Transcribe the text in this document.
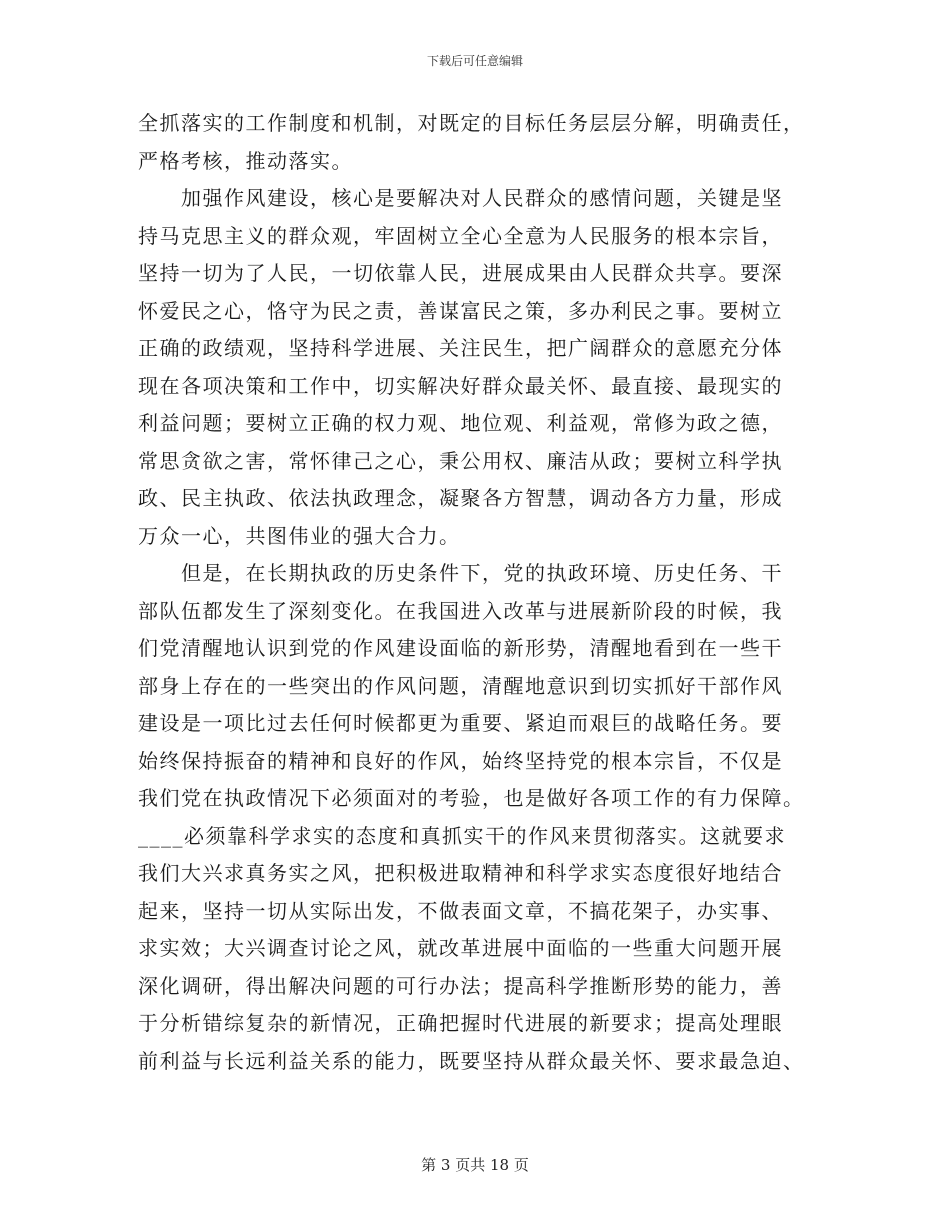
下载后可任意编辑
全抓落实的工作制度和机制，对既定的目标任务层层分解，明确责任，
严格考核，推动落实。
　　加强作风建设，核心是要解决对人民群众的感情问题，关键是坚
持马克思主义的群众观，牢固树立全心全意为人民服务的根本宗旨，
坚持一切为了人民，一切依靠人民，进展成果由人民群众共享。要深
怀爱民之心，恪守为民之责，善谋富民之策，多办利民之事。要树立
正确的政绩观，坚持科学进展、关注民生，把广阔群众的意愿充分体
现在各项决策和工作中，切实解决好群众最关怀、最直接、最现实的
利益问题；要树立正确的权力观、地位观、利益观，常修为政之德，
常思贪欲之害，常怀律己之心，秉公用权、廉洁从政；要树立科学执
政、民主执政、依法执政理念，凝聚各方智慧，调动各方力量，形成
万众一心，共图伟业的强大合力。
　　但是，在长期执政的历史条件下，党的执政环境、历史任务、干
部队伍都发生了深刻变化。在我国进入改革与进展新阶段的时候，我
们党清醒地认识到党的作风建设面临的新形势，清醒地看到在一些干
部身上存在的一些突出的作风问题，清醒地意识到切实抓好干部作风
建设是一项比过去任何时候都更为重要、紧迫而艰巨的战略任务。要
始终保持振奋的精神和良好的作风，始终坚持党的根本宗旨，不仅是
我们党在执政情况下必须面对的考验，也是做好各项工作的有力保障。
____必须靠科学求实的态度和真抓实干的作风来贯彻落实。这就要求
我们大兴求真务实之风，把积极进取精神和科学求实态度很好地结合
起来，坚持一切从实际出发，不做表面文章，不搞花架子，办实事、
求实效；大兴调查讨论之风，就改革进展中面临的一些重大问题开展
深化调研，得出解决问题的可行办法；提高科学推断形势的能力，善
于分析错综复杂的新情况，正确把握时代进展的新要求；提高处理眼
前利益与长远利益关系的能力，既要坚持从群众最关怀、要求最急迫、
第 3 页共 18 页
